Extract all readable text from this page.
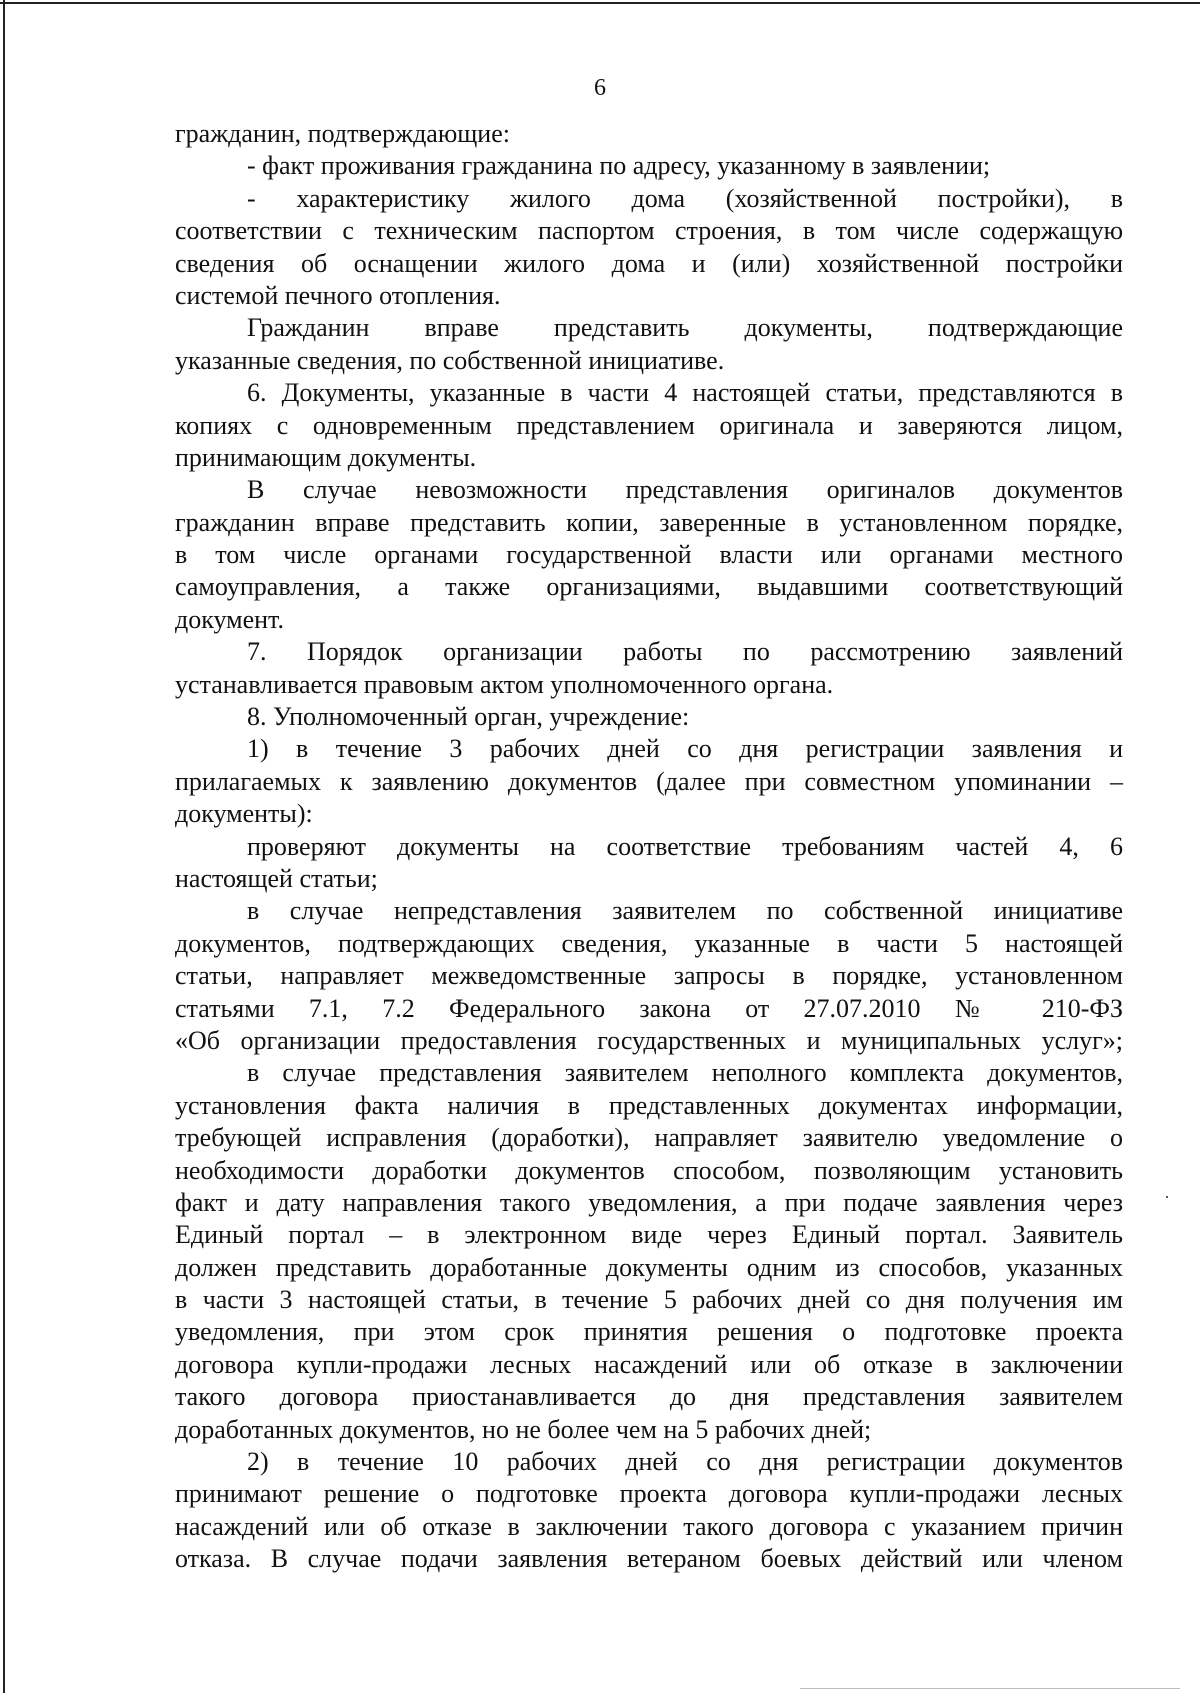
6
гражданин, подтверждающие:
- факт проживания гражданина по адресу, указанному в заявлении;
- характеристику жилого дома (хозяйственной постройки), в
соответствии с техническим паспортом строения, в том числе содержащую
сведения об оснащении жилого дома и (или) хозяйственной постройки
системой печного отопления.
Гражданин вправе представить документы, подтверждающие
указанные сведения, по собственной инициативе.
6. Документы, указанные в части 4 настоящей статьи, представляются в
копиях с одновременным представлением оригинала и заверяются лицом,
принимающим документы.
В случае невозможности представления оригиналов документов
гражданин вправе представить копии, заверенные в установленном порядке,
в том числе органами государственной власти или органами местного
самоуправления, а также организациями, выдавшими соответствующий
документ.
7. Порядок организации работы по рассмотрению заявлений
устанавливается правовым актом уполномоченного органа.
8. Уполномоченный орган, учреждение:
1) в течение 3 рабочих дней со дня регистрации заявления и
прилагаемых к заявлению документов (далее при совместном упоминании –
документы):
проверяют документы на соответствие требованиям частей 4, 6
настоящей статьи;
в случае непредставления заявителем по собственной инициативе
документов, подтверждающих сведения, указанные в части 5 настоящей
статьи, направляет межведомственные запросы в порядке, установленном
статьями 7.1, 7.2 Федерального закона от 27.07.2010 № 210-ФЗ
«Об организации предоставления государственных и муниципальных услуг»;
в случае представления заявителем неполного комплекта документов,
установления факта наличия в представленных документах информации,
требующей исправления (доработки), направляет заявителю уведомление о
необходимости доработки документов способом, позволяющим установить
факт и дату направления такого уведомления, а при подаче заявления через
Единый портал – в электронном виде через Единый портал. Заявитель
должен представить доработанные документы одним из способов, указанных
в части 3 настоящей статьи, в течение 5 рабочих дней со дня получения им
уведомления, при этом срок принятия решения о подготовке проекта
договора купли-продажи лесных насаждений или об отказе в заключении
такого договора приостанавливается до дня представления заявителем
доработанных документов, но не более чем на 5 рабочих дней;
2) в течение 10 рабочих дней со дня регистрации документов
принимают решение о подготовке проекта договора купли-продажи лесных
насаждений или об отказе в заключении такого договора с указанием причин
отказа. В случае подачи заявления ветераном боевых действий или членом
